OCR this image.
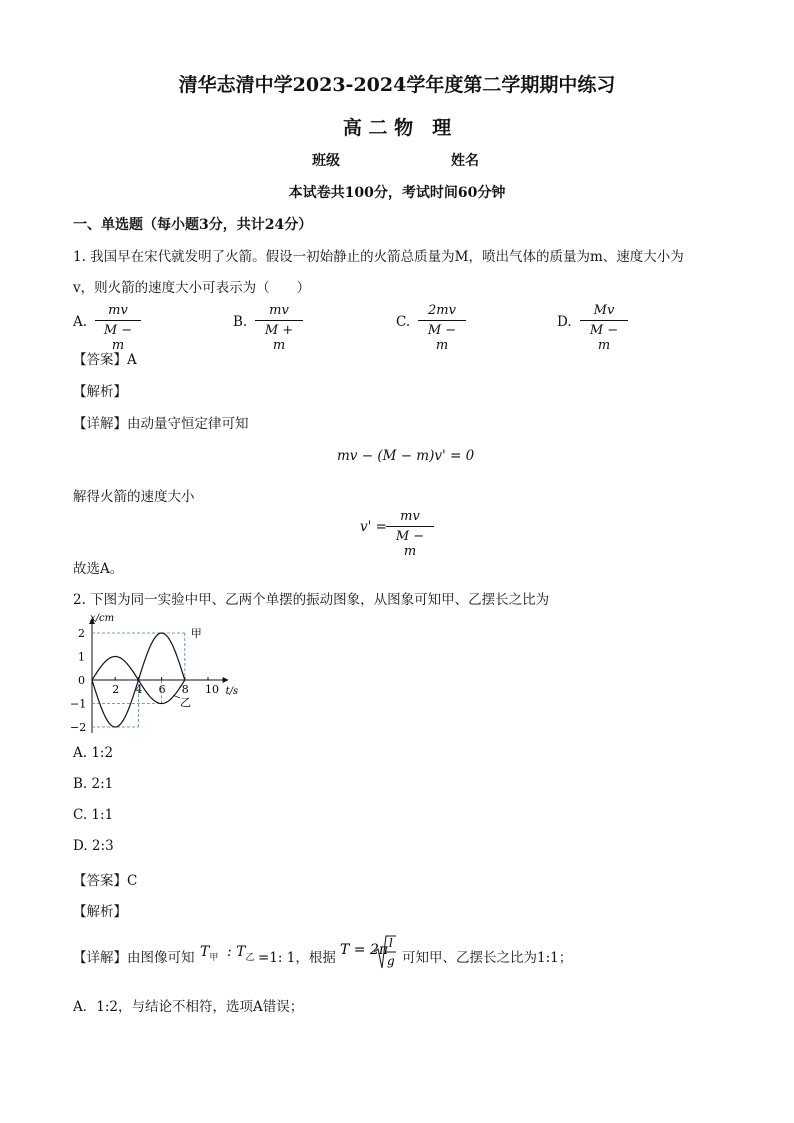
清华志清中学2023-2024学年度第二学期期中练习
高 二 物　理
班级	姓名
本试卷共100分，考试时间60分钟
一、单选题（每小题3分，共计24分）
1. 我国早在宋代就发明了火箭。假设一初始静止的火箭总质量为M，喷出气体的质量为m、速度大小为
v，则火箭的速度大小可表示为（　　）
A.
mv
M − m
B.
mv
M + m
C.
2mv
M − m
D.
Mv
M − m
【答案】A
【解析】
【详解】由动量守恒定律可知
mv − (M − m)v' = 0
解得火箭的速度大小
v' =
mv
M − m
故选A。
2. 下图为同一实验中甲、乙两个单摆的振动图象，从图象可知甲、乙摆长之比为
x/cm
t/s
2 4 6 8 10
2
1
0
−1
−2
甲
乙
A. 1:2
B. 2:1
C. 1:1
D. 2:3
【答案】C
【解析】
【详解】由图像可知 $T_甲$ : $T_乙 =1$: 1，根据 T = 2π l
g 可知甲、乙摆长之比为1:1；
A．1:2，与结论不相符，选项A错误；
